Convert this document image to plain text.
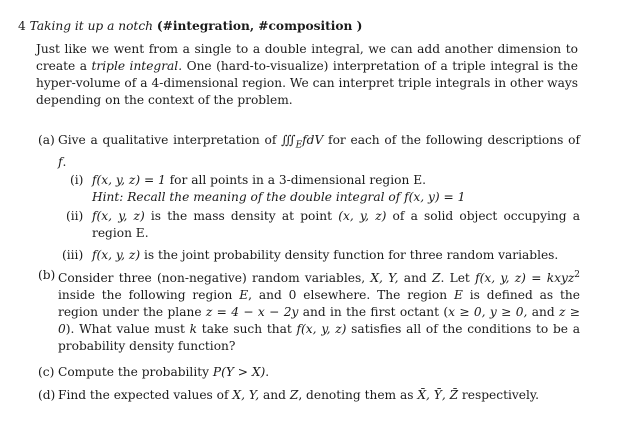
4 Taking it up a notch (#integration, #composition )
Just like we went from a single to a double integral, we can add another dimension to create a triple integral. One (hard-to-visualize) interpretation of a triple integral is the hyper-volume of a 4-dimensional region. We can interpret triple integrals in other ways depending on the context of the problem.
(a) Give a qualitative interpretation of $∭_EfdV$ for each of the following descriptions of f.
(i) f(x, y, z) = 1 for all points in a 3-dimensional region E.
Hint: Recall the meaning of the double integral of f(x, y) = 1
(ii) f(x, y, z) is the mass density at point (x, y, z) of a solid object occupying a region E.
(iii) f(x, y, z) is the joint probability density function for three random variables.
(b) Consider three (non-negative) random variables, X, Y, and Z. Let f(x, y, z) = kxyz$^2$ inside the following region E, and 0 elsewhere. The region E is defined as the region under the plane z = 4 − x − 2y and in the first octant (x ≥ 0, y ≥ 0, and z ≥ 0). What value must k take such that f(x, y, z) satisfies all of the conditions to be a probability density function?
(c) Compute the probability P(Y > X).
(d) Find the expected values of X, Y, and Z, denoting them as X̄, Ȳ, Z̄ respectively.
